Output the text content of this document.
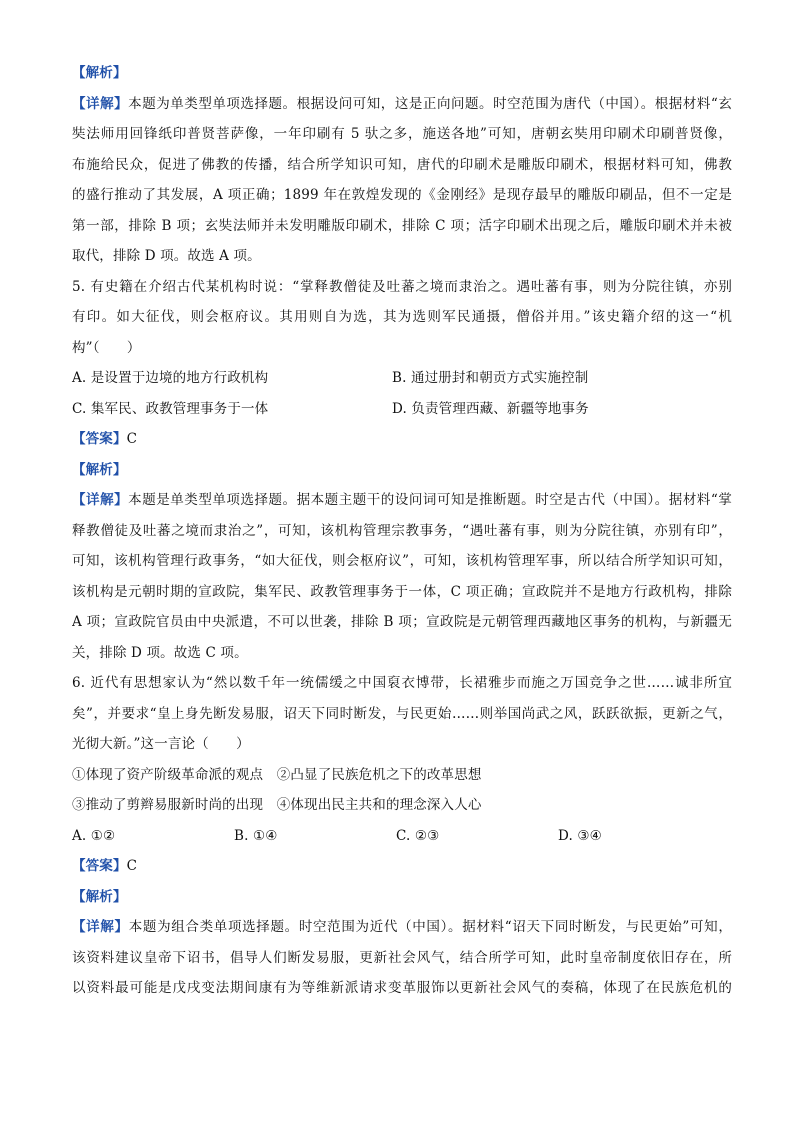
【解析】
【详解】本题为单类型单项选择题。根据设问可知，这是正向问题。时空范围为唐代（中国）。根据材料“玄
奘法师用回锋纸印普贤菩萨像，一年印刷有 5 驮之多，施送各地”可知，唐朝玄奘用印刷术印刷普贤像，
布施给民众，促进了佛教的传播，结合所学知识可知，唐代的印刷术是雕版印刷术，根据材料可知，佛教
的盛行推动了其发展，A 项正确；1899 年在敦煌发现的《金刚经》是现存最早的雕版印刷品，但不一定是
第一部，排除 B 项；玄奘法师并未发明雕版印刷术，排除 C 项；活字印刷术出现之后，雕版印刷术并未被
取代，排除 D 项。故选 A 项。
5. 有史籍在介绍古代某机构时说：“掌释教僧徒及吐蕃之境而隶治之。遇吐蕃有事，则为分院往镇，亦别
有印。如大征伐，则会枢府议。其用则自为选，其为选则军民通摄，僧俗并用。”该史籍介绍的这一“机
构”（　　）
A. 是设置于边境的地方行政机构	B. 通过册封和朝贡方式实施控制
C. 集军民、政教管理事务于一体	D. 负责管理西藏、新疆等地事务
【答案】C
【解析】
【详解】本题是单类型单项选择题。据本题主题干的设问词可知是推断题。时空是古代（中国）。据材料“掌
释教僧徒及吐蕃之境而隶治之”，可知，该机构管理宗教事务，“遇吐蕃有事，则为分院往镇，亦别有印”，
可知，该机构管理行政事务，“如大征伐，则会枢府议”，可知，该机构管理军事，所以结合所学知识可知，
该机构是元朝时期的宣政院，集军民、政教管理事务于一体，C 项正确；宣政院并不是地方行政机构，排除
A 项；宣政院官员由中央派遣，不可以世袭，排除 B 项；宣政院是元朝管理西藏地区事务的机构，与新疆无
关，排除 D 项。故选 C 项。
6. 近代有思想家认为“然以数千年一统儒缓之中国裒衣博带，长裙雅步而施之万国竞争之世……诚非所宜
矣”，并要求“皇上身先断发易服，诏天下同时断发，与民更始……则举国尚武之风，跃跃欲振，更新之气，
光彻大新。”这一言论（　　）
①体现了资产阶级革命派的观点　②凸显了民族危机之下的改革思想
③推动了剪辫易服新时尚的出现　④体现出民主共和的理念深入人心
A. ①②	B. ①④	C. ②③	D. ③④
【答案】C
【解析】
【详解】本题为组合类单项选择题。时空范围为近代（中国）。据材料“诏天下同时断发，与民更始”可知，
该资料建议皇帝下诏书，倡导人们断发易服，更新社会风气，结合所学可知，此时皇帝制度依旧存在，所
以资料最可能是戊戌变法期间康有为等维新派请求变革服饰以更新社会风气的奏稿，体现了在民族危机的
